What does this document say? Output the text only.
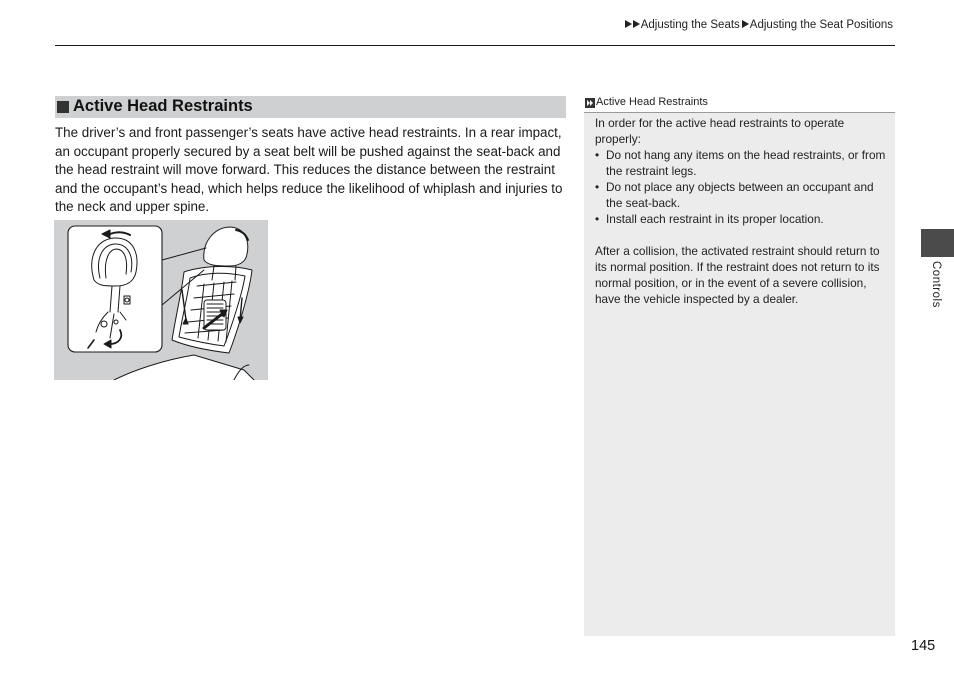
Adjusting the Seats Adjusting the Seat Positions
Active Head Restraints

The driver’s and front passenger’s seats have active head restraints. In a rear impact, an occupant properly secured by a seat belt will be pushed against the seat-back and the head restraint will move forward. This reduces the distance between the restraint and the occupant’s head, which helps reduce the likelihood of whiplash and injuries to the neck and upper spine.

Active Head Restraints

In order for the active head restraints to operate properly:

• Do not hang any items on the head restraints, or from the restraint legs.
• Do not place any objects between an occupant and the seat-back.
• Install each restraint in its proper location.

After a collision, the activated restraint should return to its normal position. If the restraint does not return to its normal position, or in the event of a severe collision, have the vehicle inspected by a dealer.	Controls
145
